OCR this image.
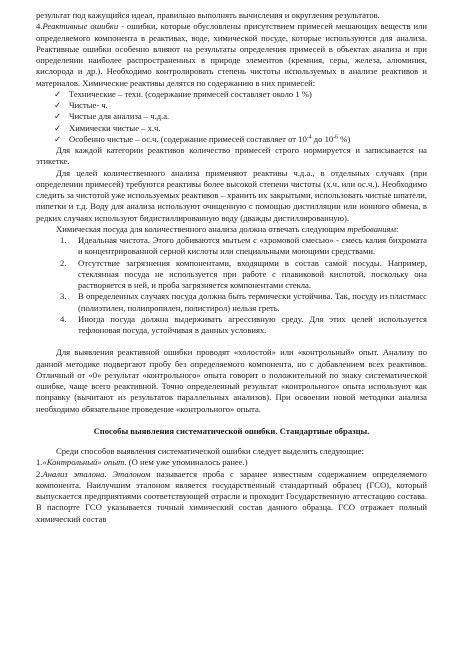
результат под кажущийся идеал, правильно выполнять вычисления и округления результатов.

4.Реактивные ошибки - ошибки, которые обусловлены присутствием примесей мешающих веществ или определяемого компонента в реактивах, воде, химической посуде, которые используются для анализа. Реактивные ошибки особенно влияют на результаты определения примесей в объектах анализа и при определении наиболее распространенных в природе элементов (кремния, серы, железа, алюминия, кислорода и др.). Необходимо контролировать степень чистоты используемых в анализе реактивов и материалов. Химические реактивы делятся по содержанию в них примесей:

✓ Технические – техн. (содержание примесей составляет около 1 %)
✓ Чистые- ч.
✓ Чистые для анализа – ч.д.а.
✓ Химически чистые – х.ч.
✓ Особенно чистые – ос.ч. (содержание примесей составляет от $10^{-4}$ до $10^{-6}$ %)

Для каждой категории реактивов количество примесей строго нормируется и записывается на этикетке.

Для целей количественного анализа применяют реактивы ч.д.а., в отдельных случаях (при определении примесей) требуются реактивы более высокой степени чистоты (х.ч. или ос.ч.). Необходимо следить за чистотой уже используемых реактивов – хранить их закрытыми, использовать чистые шпатели, пипетки и т.д. Воду для анализа используют очищенную с помощью дистилляции или ионного обмена, в редких случаях используют бидистиллированную воду (дважды дистиллированную).

Химическая посуда для количественного анализа должна отвечать следующим требованиям:

1. Идеальная чистота. Этого добиваются мытьем с «хромовой смесью» - смесь калия бихромата и концентрированной серной кислоты или специальными моющими средствами.
2. Отсутствие загрязнения компонентами, входящими в состав самой посуды. Например, стеклянная посуда не используется при работе с плавиковой кислотой, поскольку она растворяется в ней, и проба загрязняется компонентами стекла.
3. В определенных случаях посуда должна быть термически устойчива. Так, посуду из пластмасс (полиэтилен, полипропилен, полистирол) нельзя греть.
4. Иногда посуда должна выдерживать агрессивную среду. Для этих целей используется тефлоновая посуда, устойчивая в данных условиях.

Для выявления реактивной ошибки проводят «холостой» или «контрольный» опыт. Анализу по данной методике подвергают пробу без определяемого компонента, но с добавлением всех реактивов. Отличный от «0» результат «контрольного» опыта говорит о положительной по знаку систематической ошибке, чаще всего реактивной. Точно определенный результат «контрольного» опыта используют как поправку (вычитают из результатов параллельных анализов). При освоении новой методики анализа необходимо обязательное проведение «контрольного» опыта.

Способы выявления систематической ошибки. Стандартные образцы.

Среди способов выявления систематической ошибки следует выделить следующие:

1.«Контрольный» опыт. (О нем уже упоминалось ранее.)

2.Анализ эталона. Эталоном называется проба с заранее известным содержанием определяемого компонента. Наилучшим эталоном является государственный стандартный образец (ГСО), который выпускается предприятиями соответствующей отрасли и проходит Государственную аттестацию состава. В паспорте ГСО указывается точный химический состав данного образца. ГСО отражает полный химический состав
